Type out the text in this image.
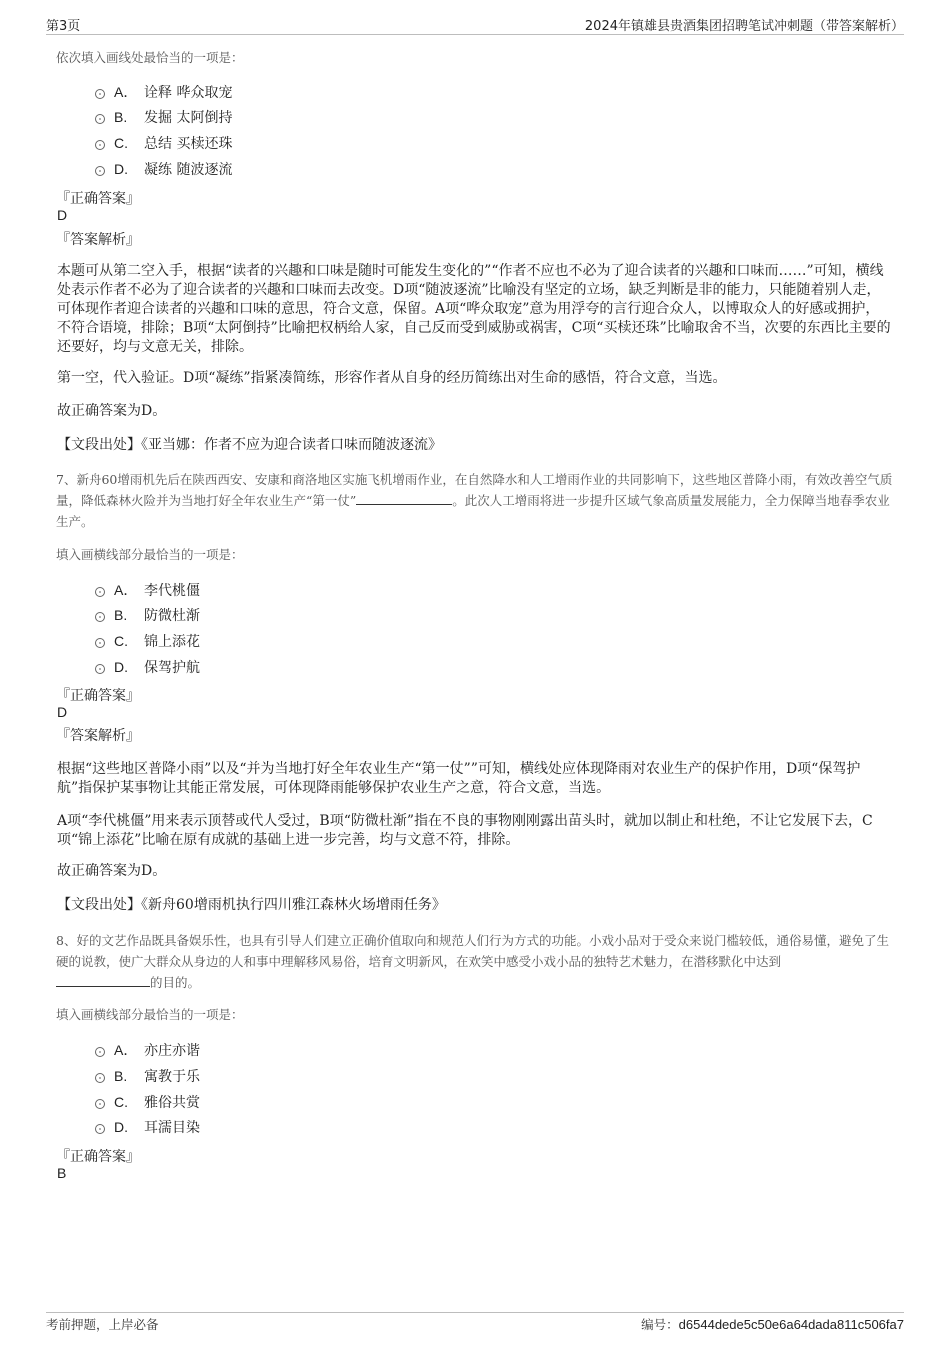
第3页	2024年镇雄县贵酒集团招聘笔试冲刺题（带答案解析）
依次填入画线处最恰当的一项是：
A． 诠释 哗众取宠
B.	发掘 太阿倒持
C.	总结 买椟还珠
D.	凝练 随波逐流
『正确答案』
D
『答案解析』
本题可从第二空入手，根据“读者的兴趣和口味是随时可能发生变化的”“作者不应也不必为了迎合读者的兴趣和口味而……”可知，横线处表示作者不必为了迎合读者的兴趣和口味而去改变。D项“随波逐流”比喻没有坚定的立场，缺乏判断是非的能力，只能随着别人走，可体现作者迎合读者的兴趣和口味的意思，符合文意，保留。A项“哗众取宠”意为用浮夸的言行迎合众人，以博取众人的好感或拥护，不符合语境，排除；B项“太阿倒持”比喻把权柄给人家，自己反而受到威胁或祸害，C项“买椟还珠”比喻取舍不当，次要的东西比主要的还要好，均与文意无关，排除。
第一空，代入验证。D项“凝练”指紧凑简练，形容作者从自身的经历简练出对生命的感悟，符合文意，当选。
故正确答案为D。
【文段出处】《亚当娜：作者不应为迎合读者口味而随波逐流》
7、新舟60增雨机先后在陕西西安、安康和商洛地区实施飞机增雨作业，在自然降水和人工增雨作业的共同影响下，这些地区普降小雨，有效改善空气质量，降低森林火险并为当地打好全年农业生产“第一仗”	。此次人工增雨将进一步提升区域气象高质量发展能力，全力保障当地春季农业生产。
填入画横线部分最恰当的一项是：
A． 李代桃僵
B.	防微杜渐
C.	锦上添花
D.	保驾护航
『正确答案』
D
『答案解析』
根据“这些地区普降小雨”以及“并为当地打好全年农业生产“第一仗””可知，横线处应体现降雨对农业生产的保护作用，D项“保驾护航”指保护某事物让其能正常发展，可体现降雨能够保护农业生产之意，符合文意，当选。
A项“李代桃僵”用来表示顶替或代人受过，B项“防微杜渐”指在不良的事物刚刚露出苗头时，就加以制止和杜绝，不让它发展下去，C项“锦上添花”比喻在原有成就的基础上进一步完善，均与文意不符，排除。
故正确答案为D。
【文段出处】《新舟60增雨机执行四川雅江森林火场增雨任务》
8、好的文艺作品既具备娱乐性，也具有引导人们建立正确价值取向和规范人们行为方式的功能。小戏小品对于受众来说门槛较低，通俗易懂，避免了生硬的说教，使广大群众从身边的人和事中理解移风易俗，培育文明新风，在欢笑中感受小戏小品的独特艺术魅力，在潜移默化中达到
的目的。
填入画横线部分最恰当的一项是：
A． 亦庄亦谐
B.	寓教于乐
C.	雅俗共赏
D.	耳濡目染
『正确答案』
B
考前押题，上岸必备	编号：d6544dede5c50e6a64dada811c506fa7
